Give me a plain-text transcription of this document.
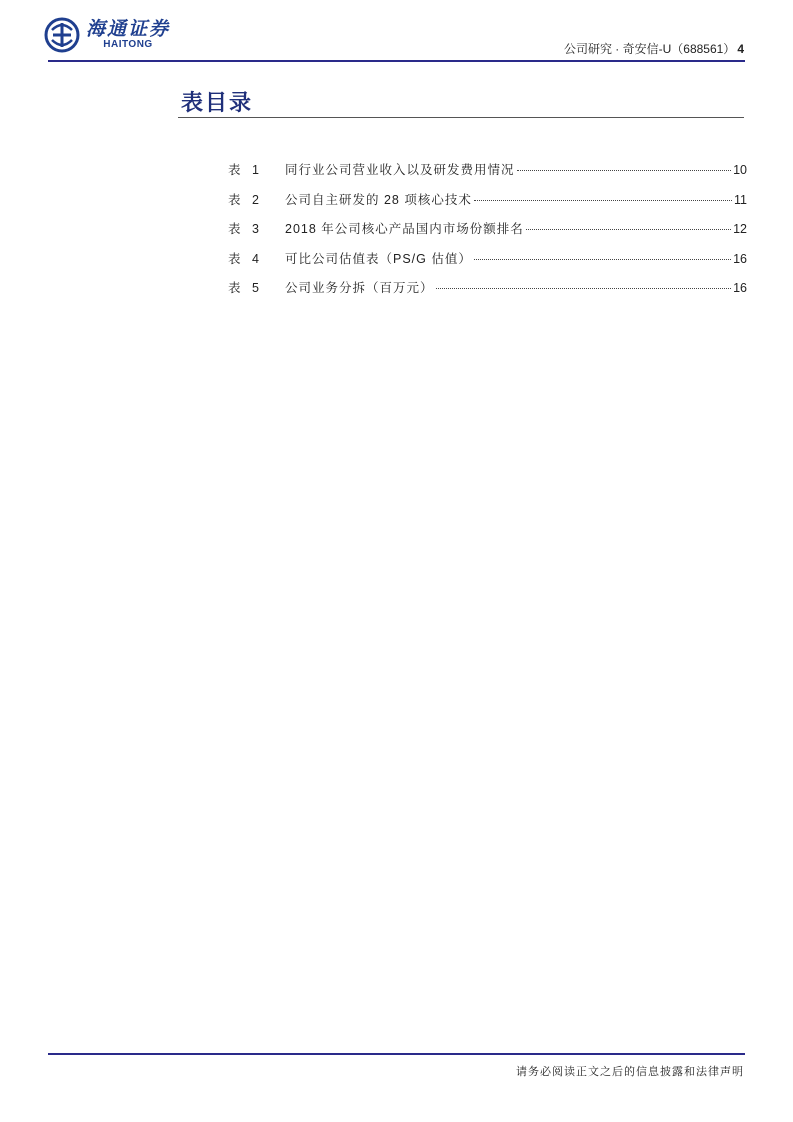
海通证券
HAITONG	公司研究 · 奇安信-U（688561） 4
表目录
表 1	同行业公司营业收入以及研发费用情况	10
表 2	公司自主研发的 28 项核心技术	11
表 3	2018 年公司核心产品国内市场份额排名	12
表 4	可比公司估值表（PS/G 估值）	16
表 5	公司业务分拆（百万元）	16
请务必阅读正文之后的信息披露和法律声明
